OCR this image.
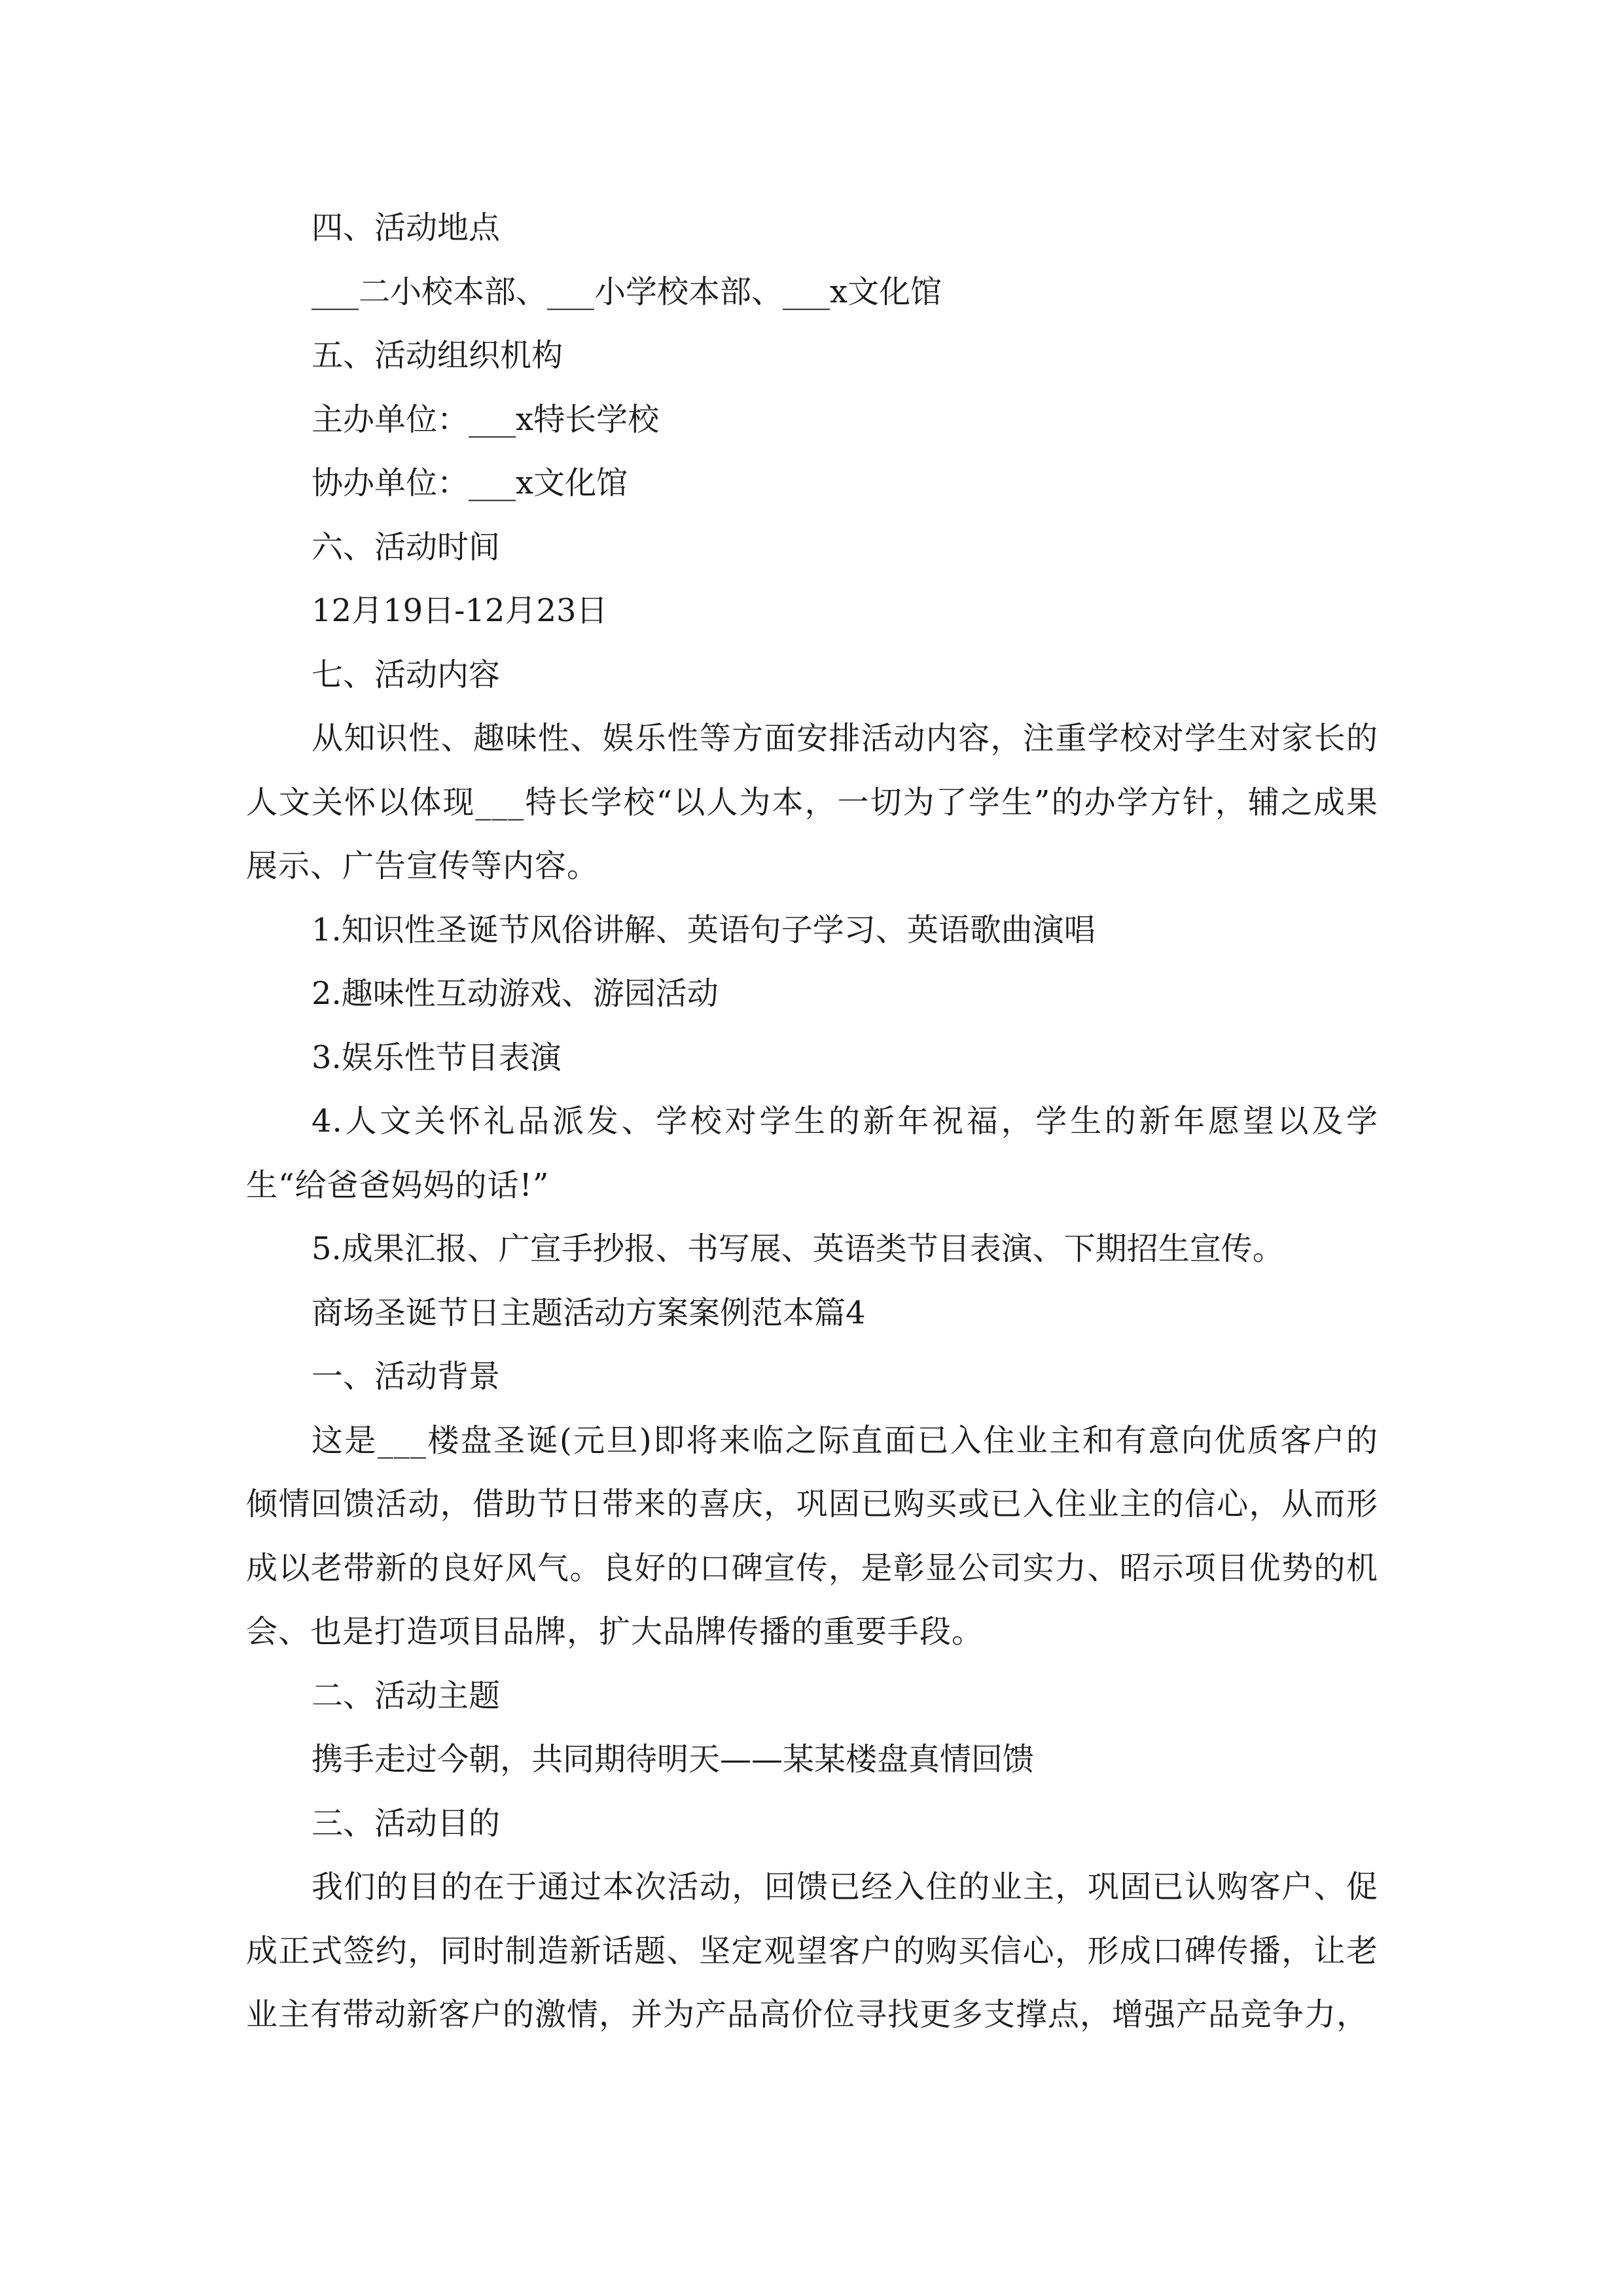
四、活动地点

___二小校本部、___小学校本部、___x文化馆

五、活动组织机构

主办单位：___x特长学校

协办单位：___x文化馆

六、活动时间

12月19日-12月23日

七、活动内容

从知识性、趣味性、娱乐性等方面安排活动内容，注重学校对学生对家长的人文关怀以体现___特长学校“以人为本，一切为了学生”的办学方针，辅之成果展示、广告宣传等内容。

1.知识性圣诞节风俗讲解、英语句子学习、英语歌曲演唱

2.趣味性互动游戏、游园活动

3.娱乐性节目表演

4.人文关怀礼品派发、学校对学生的新年祝福，学生的新年愿望以及学生“给爸爸妈妈的话!”

5.成果汇报、广宣手抄报、书写展、英语类节目表演、下期招生宣传。

商场圣诞节日主题活动方案案例范本篇4

一、活动背景

这是___楼盘圣诞(元旦)即将来临之际直面已入住业主和有意向优质客户的倾情回馈活动，借助节日带来的喜庆，巩固已购买或已入住业主的信心，从而形成以老带新的良好风气。良好的口碑宣传，是彰显公司实力、昭示项目优势的机会、也是打造项目品牌，扩大品牌传播的重要手段。

二、活动主题

携手走过今朝，共同期待明天——某某楼盘真情回馈

三、活动目的

我们的目的在于通过本次活动，回馈已经入住的业主，巩固已认购客户、促成正式签约，同时制造新话题、坚定观望客户的购买信心，形成口碑传播，让老业主有带动新客户的激情，并为产品高价位寻找更多支撑点，增强产品竞争力，
